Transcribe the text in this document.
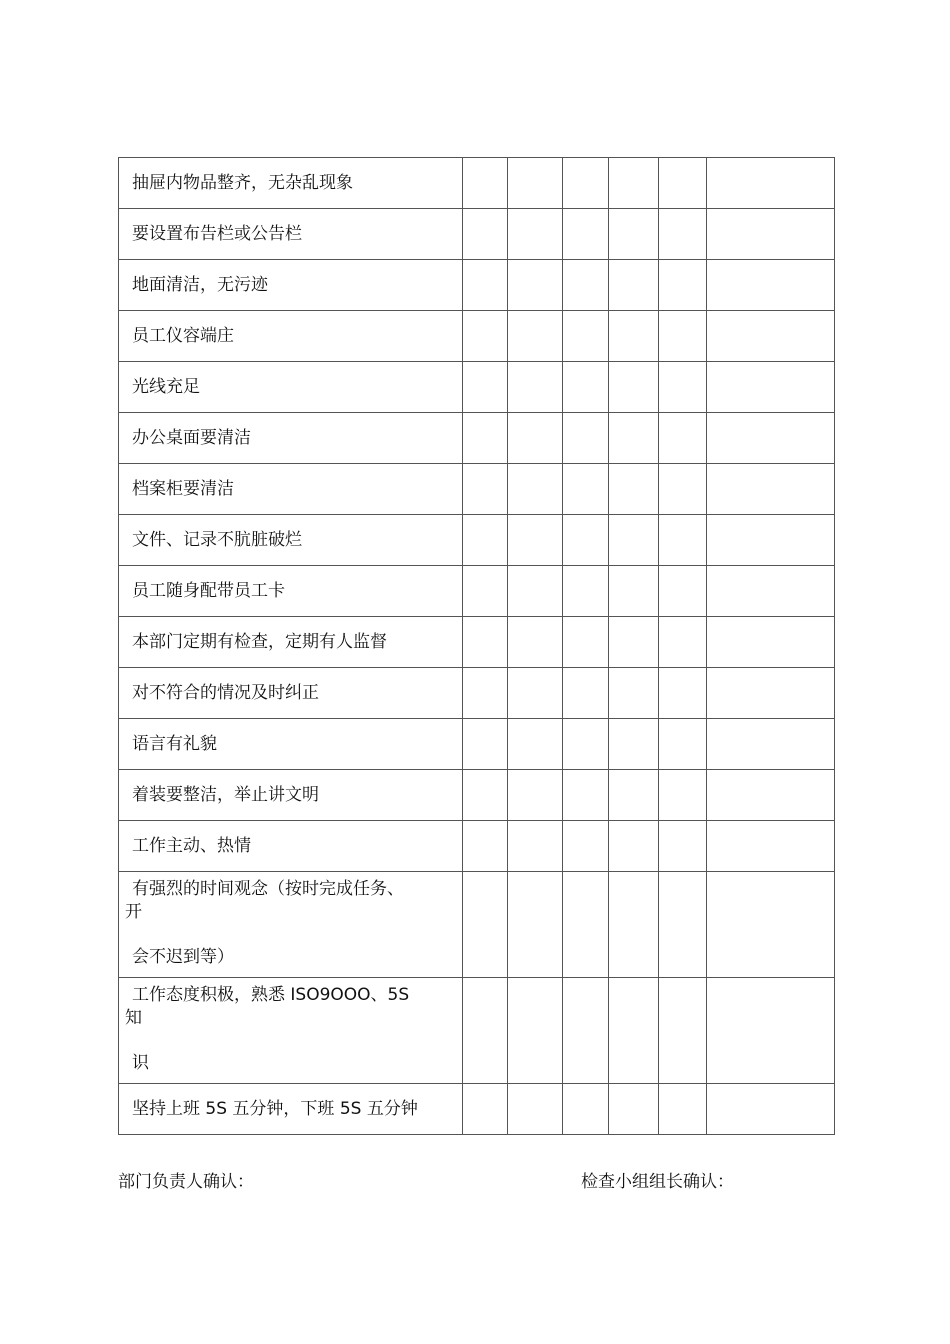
抽屉内物品整齐，无杂乱现象						
要设置布告栏或公告栏						
地面清洁，无污迹						
员工仪容端庄						
光线充足						
办公桌面要清洁						
档案柜要清洁						
文件、记录不肮脏破烂						
员工随身配带员工卡						
本部门定期有检查，定期有人监督						
对不符合的情况及时纠正						
语言有礼貌						
着装要整洁，举止讲文明						
工作主动、热情						

有强烈的时间观念（按时完成任务、
开
会不迟到等）						

工作态度积极，熟悉 ISO9OOO、5S
知
识						

坚持上班 5S 五分钟，下班 5S 五分钟						
部门负责人确认：	检查小组组长确认：
